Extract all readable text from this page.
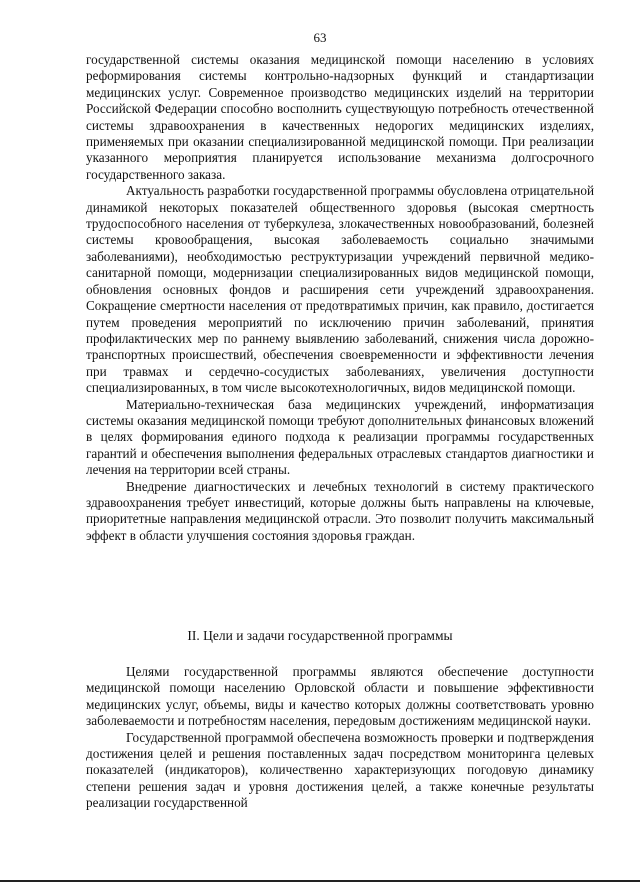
63

государственной системы оказания медицинской помощи населению в условиях реформирования системы контрольно-надзорных функций и стандартизации медицинских услуг. Современное производство медицинских изделий на территории Российской Федерации способно восполнить существующую потребность отечественной системы здравоохранения в качественных недорогих медицинских изделиях, применяемых при оказании специализированной медицинской помощи. При реализации указанного мероприятия планируется использование механизма долгосрочного государственного заказа.

Актуальность разработки государственной программы обусловлена отрицательной динамикой некоторых показателей общественного здоровья (высокая смертность трудоспособного населения от туберкулеза, злокачественных новообразований, болезней системы кровообращения, высокая заболеваемость социально значимыми заболеваниями), необходимостью реструктуризации учреждений первичной медико-санитарной помощи, модернизации специализированных видов медицинской помощи, обновления основных фондов и расширения сети учреждений здравоохранения. Сокращение смертности населения от предотвратимых причин, как правило, достигается путем проведения мероприятий по исключению причин заболеваний, принятия профилактических мер по раннему выявлению заболеваний, снижения числа дорожно-транспортных происшествий, обеспечения своевременности и эффективности лечения при травмах и сердечно-сосудистых заболеваниях, увеличения доступности специализированных, в том числе высокотехнологичных, видов медицинской помощи.

Материально-техническая база медицинских учреждений, информатизация системы оказания медицинской помощи требуют дополнительных финансовых вложений в целях формирования единого подхода к реализации программы государственных гарантий и обеспечения выполнения федеральных отраслевых стандартов диагностики и лечения на территории всей страны.

Внедрение диагностических и лечебных технологий в систему практического здравоохранения требует инвестиций, которые должны быть направлены на ключевые, приоритетные направления медицинской отрасли. Это позволит получить максимальный эффект в области улучшения состояния здоровья граждан.

II. Цели и задачи государственной программы

Целями государственной программы являются обеспечение доступности медицинской помощи населению Орловской области и повышение эффективности медицинских услуг, объемы, виды и качество которых должны соответствовать уровню заболеваемости и потребностям населения, передовым достижениям медицинской науки.

Государственной программой обеспечена возможность проверки и подтверждения достижения целей и решения поставленных задач посредством мониторинга целевых показателей (индикаторов), количественно характеризующих погодовую динамику степени решения задач и уровня достижения целей, а также конечные результаты реализации государственной
